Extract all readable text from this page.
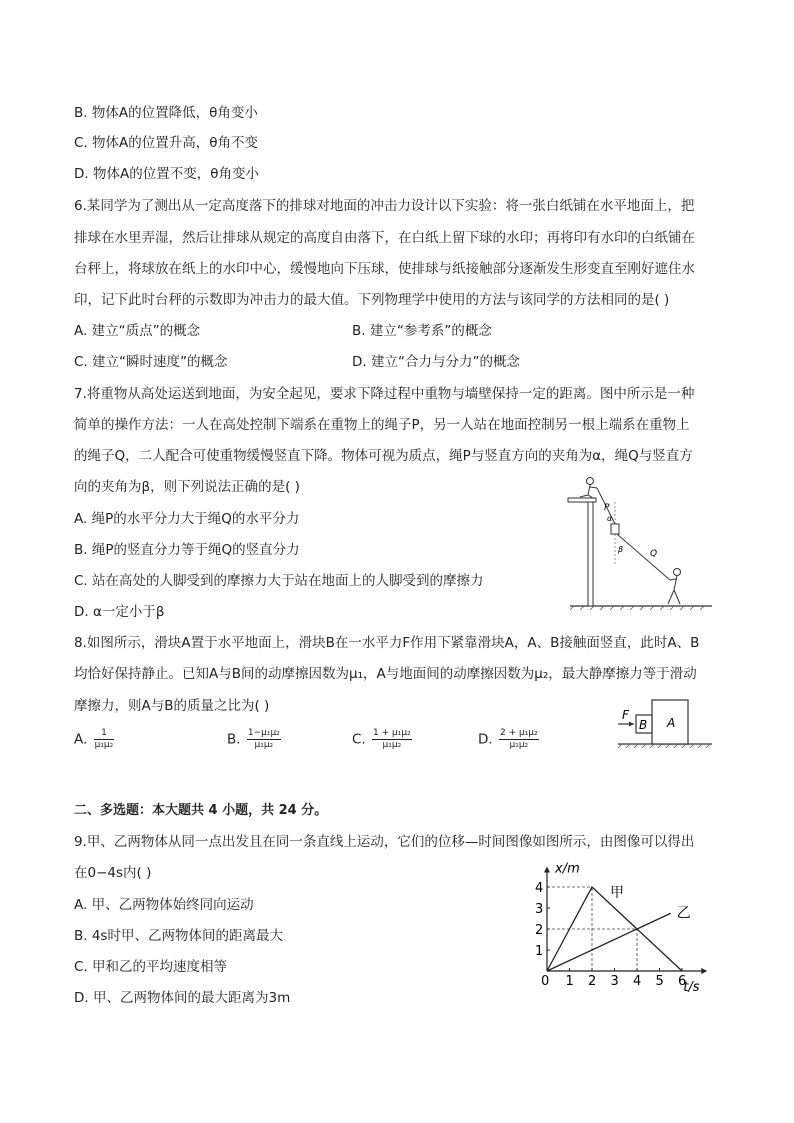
B. 物体A的位置降低，θ角变小
C. 物体A的位置升高，θ角不变
D. 物体A的位置不变，θ角变小
6.某同学为了测出从一定高度落下的排球对地面的冲击力设计以下实验：将一张白纸铺在水平地面上，把
排球在水里弄湿，然后让排球从规定的高度自由落下，在白纸上留下球的水印；再将印有水印的白纸铺在
台秤上，将球放在纸上的水印中心，缓慢地向下压球，使排球与纸接触部分逐渐发生形变直至刚好遮住水
印，记下此时台秤的示数即为冲击力的最大值。下列物理学中使用的方法与该同学的方法相同的是( )
A. 建立“质点”的概念	B. 建立“参考系”的概念
C. 建立“瞬时速度”的概念	D. 建立“合力与分力”的概念
7.将重物从高处运送到地面，为安全起见，要求下降过程中重物与墙壁保持一定的距离。图中所示是一种
简单的操作方法：一人在高处控制下端系在重物上的绳子P，另一人站在地面控制另一根上端系在重物上
的绳子Q，二人配合可使重物缓慢竖直下降。物体可视为质点，绳P与竖直方向的夹角为α，绳Q与竖直方
向的夹角为β，则下列说法正确的是( )
A. 绳P的水平分力大于绳Q的水平分力
B. 绳P的竖直分力等于绳Q的竖直分力
C. 站在高处的人脚受到的摩擦力大于站在地面上的人脚受到的摩擦力
D. α一定小于β
P
α
β	Q
8.如图所示，滑块A置于水平地面上，滑块B在一水平力F作用下紧靠滑块A，A、B接触面竖直，此时A、B
均恰好保持静止。已知A与B间的动摩擦因数为μ₁，A与地面间的动摩擦因数为μ₂，最大静摩擦力等于滑动
摩擦力，则A与B的质量之比为( )
A. $\frac{1}{\text{μ₁μ₂}}$	B. $\frac{\text{1−μ₁μ₂}}{\text{μ₁μ₂}}$	C. $\frac{\text{1 + μ₁μ₂}}{\text{μ₁μ₂}}$	D. $\frac{\text{2 + μ₁μ₂}}{\text{μ₁μ₂}}$
F
B A
二、多选题：本大题共 4 小题，共 24 分。
9.甲、乙两物体从同一点出发且在同一条直线上运动，它们的位移—时间图像如图所示，由图像可以得出
在0−4s内( )
A. 甲、乙两物体始终同向运动
B. 4s时甲、乙两物体间的距离最大
C. 甲和乙的平均速度相等
D. 甲、乙两物体间的最大距离为3m
0 1 2 3 4 5 6
1
2
3
4
x/m
t/s
甲
乙
